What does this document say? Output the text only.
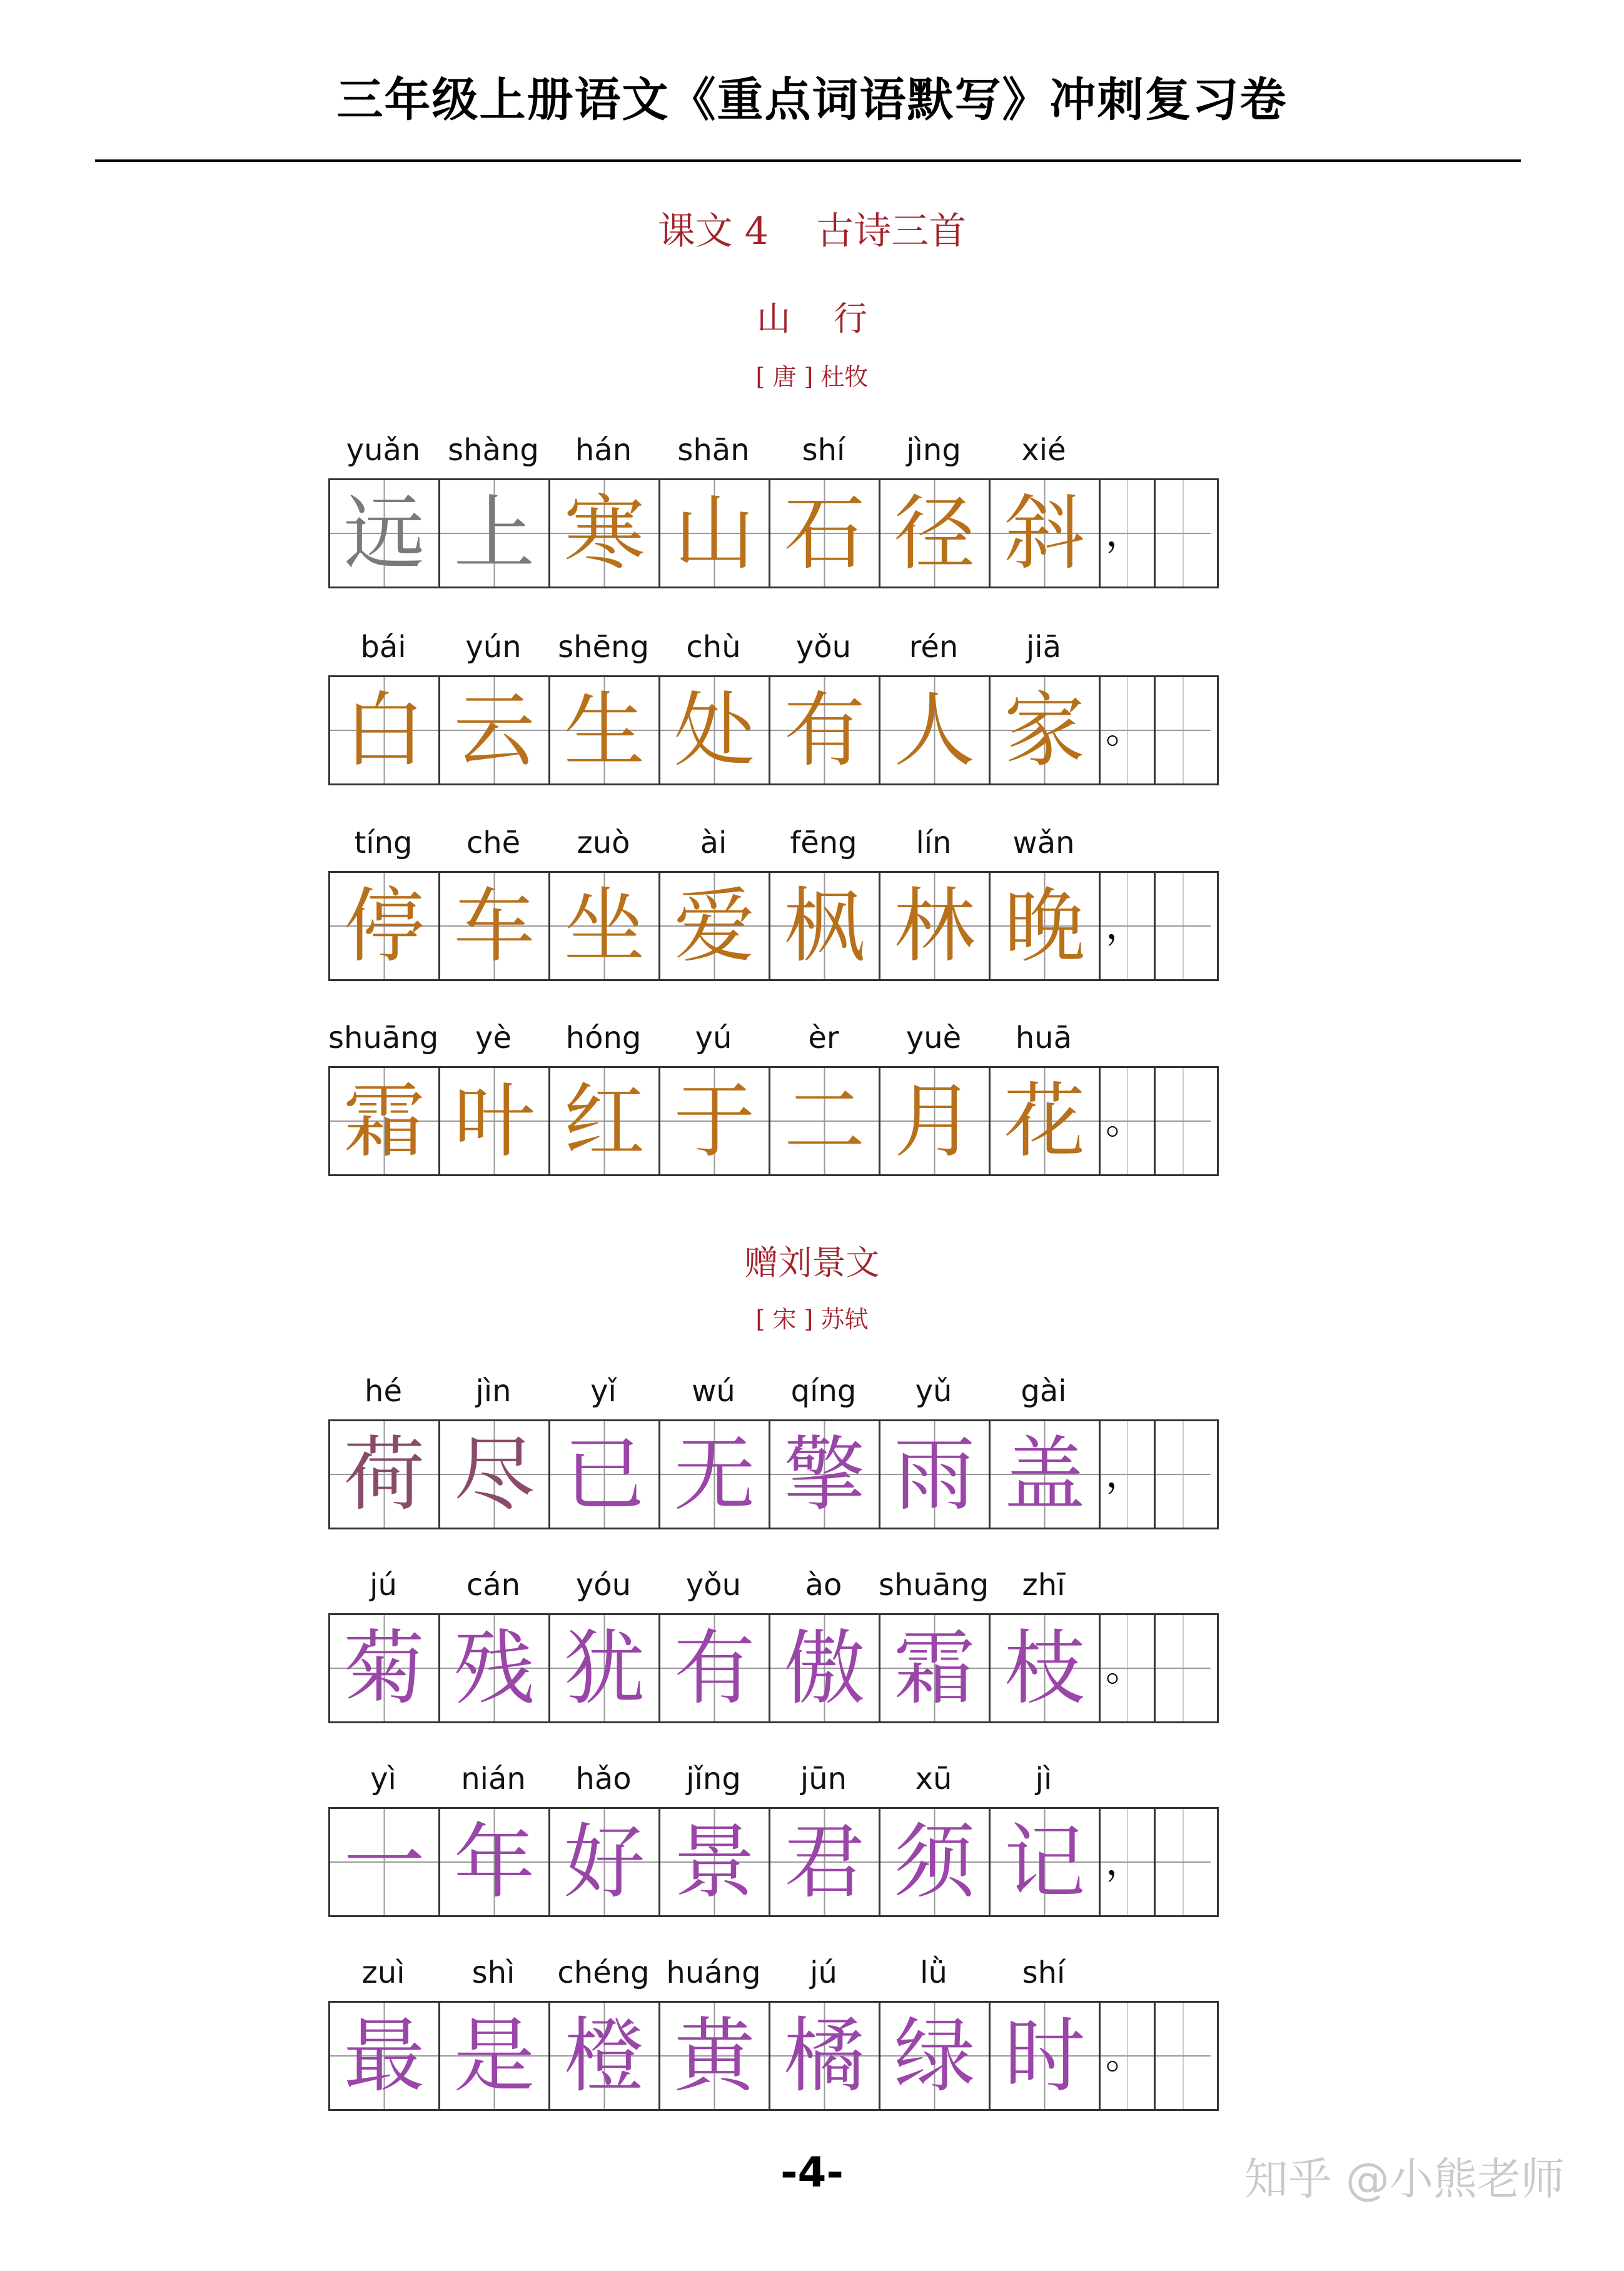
三年级上册语文《重点词语默写》冲刺复习卷
课文 4    古诗三首
山    行
[ 唐 ] 杜牧
yuǎn shàng	hán	shān	shí	jìng	xié
远 上 寒 山 石 径 斜 ，
bái	yún	shēng	chù	yǒu	rén	jiā
白 云 生 处 有 人 家 。
tíng	chē	zuò	ài	fēng	lín	wǎn
停 车 坐 爱 枫 林 晚 ，
shuāng	yè	hóng	yú	èr	yuè	huā
霜 叶 红 于 二 月 花 。
赠刘景文
[ 宋 ] 苏轼
hé	jìn	yǐ	wú	qíng	yǔ	gài
荷 尽 已 无 擎 雨 盖 ，
jú	cán	yóu	yǒu	ào	shuāng	zhī
菊 残 犹 有 傲 霜 枝 。
yì	nián	hǎo	jǐng	jūn	xū	jì
一 年 好 景 君 须 记 ，
zuì	shì	chéng huáng	jú	lǜ	shí
最 是 橙 黄 橘 绿 时 。
-4-	知乎 @小熊老师
